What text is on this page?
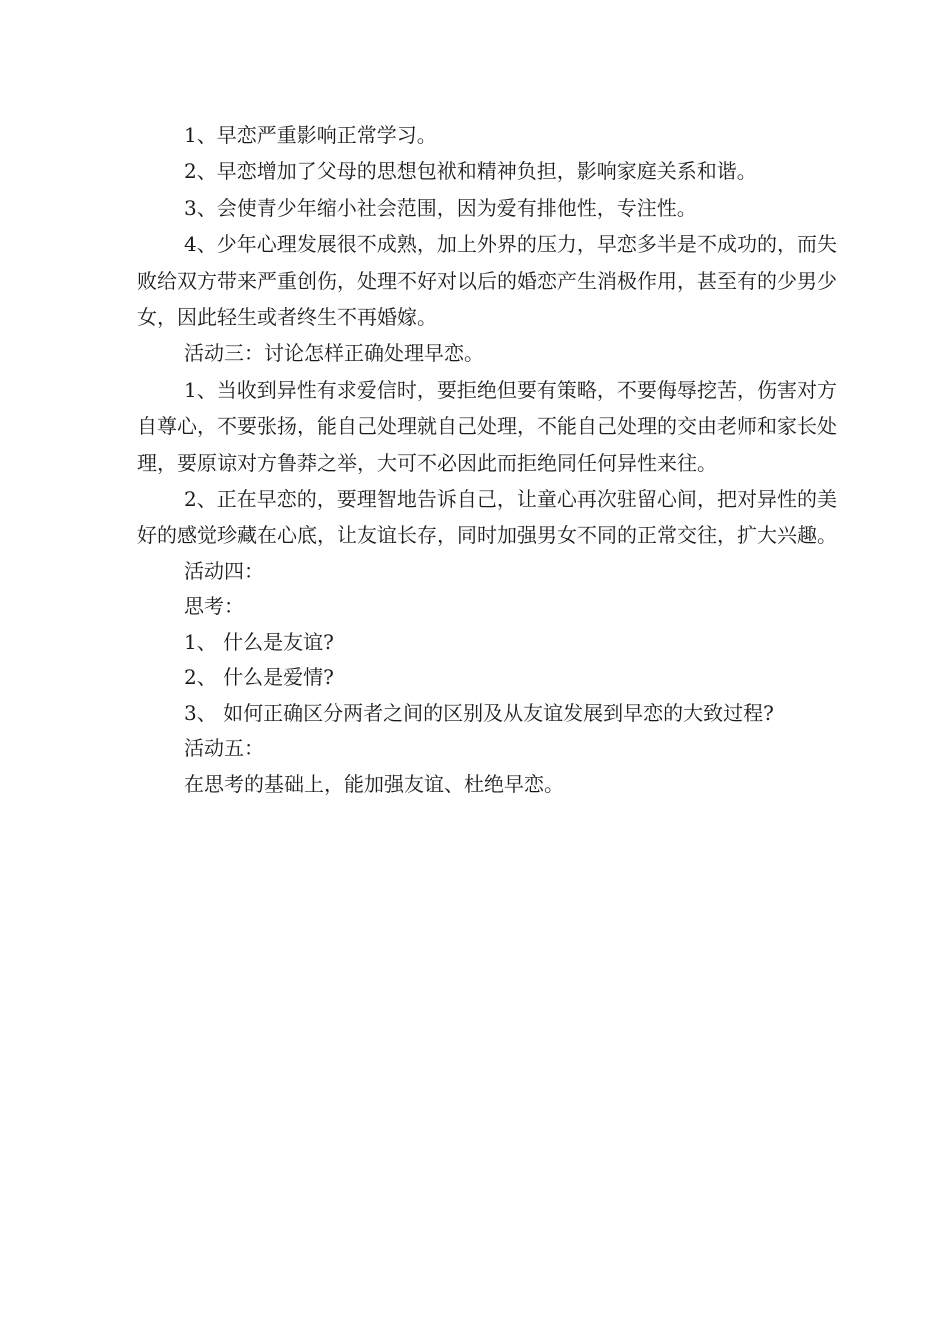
1、早恋严重影响正常学习。

2、早恋增加了父母的思想包袱和精神负担，影响家庭关系和谐。

3、会使青少年缩小社会范围，因为爱有排他性，专注性。

4、少年心理发展很不成熟，加上外界的压力，早恋多半是不成功的，而失败给双方带来严重创伤，处理不好对以后的婚恋产生消极作用，甚至有的少男少女，因此轻生或者终生不再婚嫁。

活动三：讨论怎样正确处理早恋。

1、当收到异性有求爱信时，要拒绝但要有策略，不要侮辱挖苦，伤害对方自尊心，不要张扬，能自己处理就自己处理，不能自己处理的交由老师和家长处理，要原谅对方鲁莽之举，大可不必因此而拒绝同任何异性来往。

2、正在早恋的，要理智地告诉自己，让童心再次驻留心间，把对异性的美好的感觉珍藏在心底，让友谊长存，同时加强男女不同的正常交往，扩大兴趣。

活动四：

思考：

1、 什么是友谊?

2、 什么是爱情?

3、 如何正确区分两者之间的区别及从友谊发展到早恋的大致过程?

活动五：

在思考的基础上，能加强友谊、杜绝早恋。
